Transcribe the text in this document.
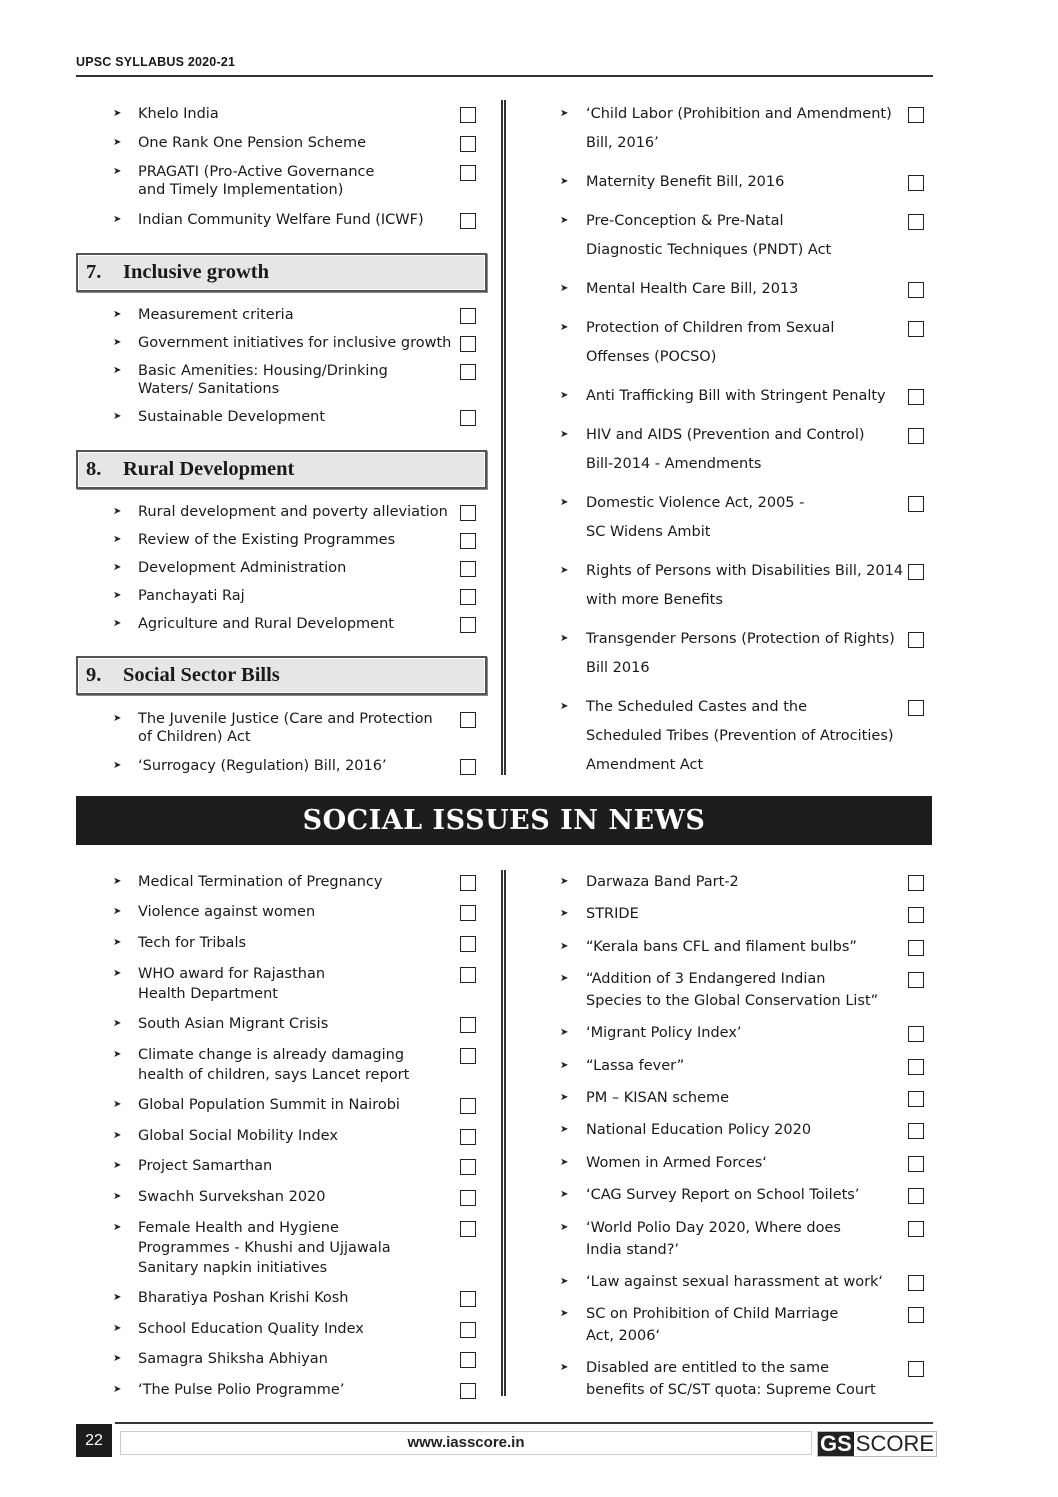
UPSC SYLLABUS 2020-21
7. Inclusive growth
8. Rural Development
9. Social Sector Bills
SOCIAL ISSUES IN NEWS
➤ Khelo India
➤ One Rank One Pension Scheme
➤ PRAGATI (Pro-Active Governance
and Timely Implementation)
➤ Indian Community Welfare Fund (ICWF)
➤ Measurement criteria
➤ Government initiatives for inclusive growth
➤ Basic Amenities: Housing/Drinking
Waters/ Sanitations
➤ Sustainable Development
➤ Rural development and poverty alleviation
➤ Review of the Existing Programmes
➤ Development Administration
➤ Panchayati Raj
➤ Agriculture and Rural Development
➤ The Juvenile Justice (Care and Protection
of Children) Act
➤ ‘Surrogacy (Regulation) Bill, 2016’
➤ ‘Child Labor (Prohibition and Amendment)
Bill, 2016’
➤ Maternity Benefit Bill, 2016
➤ Pre-Conception & Pre-Natal
Diagnostic Techniques (PNDT) Act
➤ Mental Health Care Bill, 2013
➤ Protection of Children from Sexual
Offenses (POCSO)
➤ Anti Trafficking Bill with Stringent Penalty
➤ HIV and AIDS (Prevention and Control)
Bill-2014 - Amendments
➤ Domestic Violence Act, 2005 -
SC Widens Ambit
➤ Rights of Persons with Disabilities Bill, 2014
with more Benefits
➤ Transgender Persons (Protection of Rights)
Bill 2016
➤ The Scheduled Castes and the
Scheduled Tribes (Prevention of Atrocities)
Amendment Act
➤ Medical Termination of Pregnancy
➤ Violence against women
➤ Tech for Tribals
➤ WHO award for Rajasthan
Health Department
➤ South Asian Migrant Crisis
➤ Climate change is already damaging
health of children, says Lancet report
➤ Global Population Summit in Nairobi
➤ Global Social Mobility Index
➤ Project Samarthan
➤ Swachh Survekshan 2020
➤ Female Health and Hygiene
Programmes - Khushi and Ujjawala
Sanitary napkin initiatives
➤ Bharatiya Poshan Krishi Kosh
➤ School Education Quality Index
➤ Samagra Shiksha Abhiyan
➤ ‘The Pulse Polio Programme’
➤ Darwaza Band Part-2
➤ STRIDE
➤ “Kerala bans CFL and filament bulbs”
➤ “Addition of 3 Endangered Indian
Species to the Global Conservation List”
➤ ‘Migrant Policy Index’
➤ “Lassa fever”
➤ PM – KISAN scheme
➤ National Education Policy 2020
➤ Women in Armed Forces‘
➤ ‘CAG Survey Report on School Toilets’
➤ ‘World Polio Day 2020, Where does
India stand?’
➤ ‘Law against sexual harassment at work‘
➤ SC on Prohibition of Child Marriage
Act, 2006‘
➤ Disabled are entitled to the same
benefits of SC/ST quota: Supreme Court
22	www.iasscore.in	GS SCORE
